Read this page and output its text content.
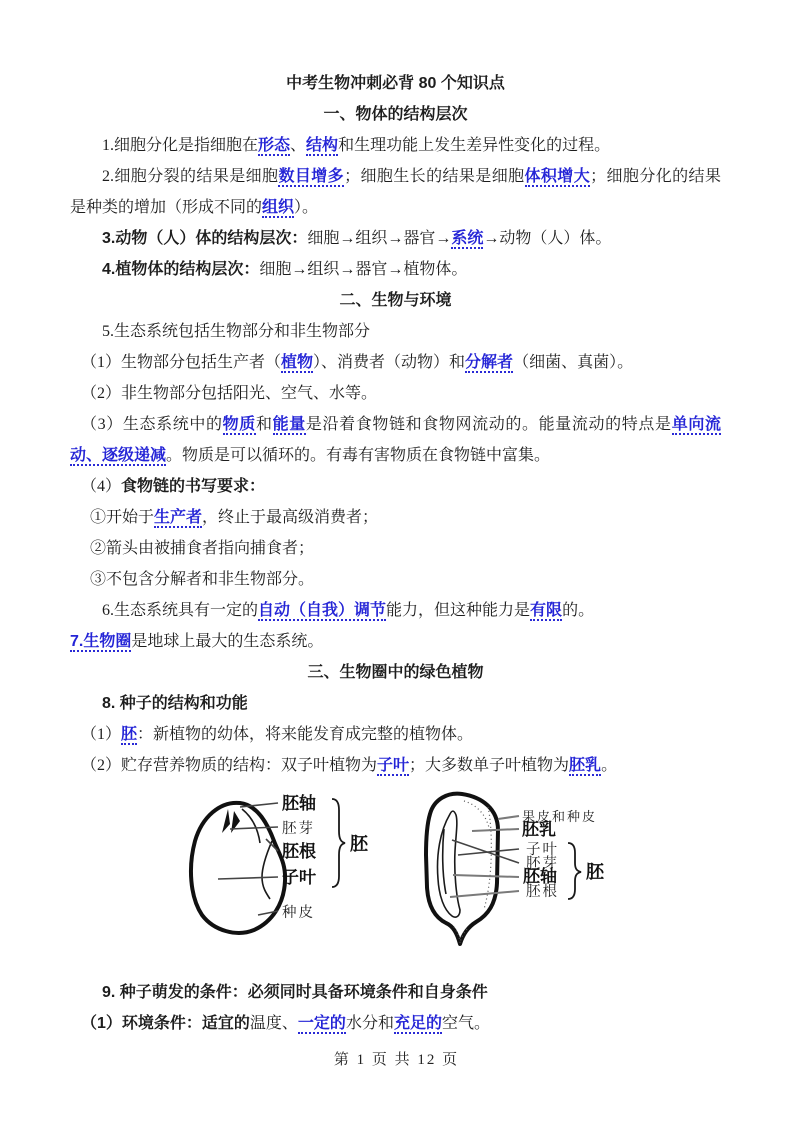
中考生物冲刺必背 80 个知识点

一、物体的结构层次

1.细胞分化是指细胞在形态、结构和生理功能上发生差异性变化的过程。

2.细胞分裂的结果是细胞数目增多；细胞生长的结果是细胞体积增大；细胞分化的结果是种类的增加（形成不同的组织）。

3.动物（人）体的结构层次：细胞→组织→器官→系统→动物（人）体。

4.植物体的结构层次：细胞→组织→器官→植物体。

二、生物与环境

5.生态系统包括生物部分和非生物部分

（1）生物部分包括生产者（植物）、消费者（动物）和分解者（细菌、真菌）。

（2）非生物部分包括阳光、空气、水等。

（3）生态系统中的物质和能量是沿着食物链和食物网流动的。能量流动的特点是单向流动、逐级递减。物质是可以循环的。有毒有害物质在食物链中富集。

（4）食物链的书写要求：

①开始于生产者，终止于最高级消费者；

②箭头由被捕食者指向捕食者；

③不包含分解者和非生物部分。

6.生态系统具有一定的自动（自我）调节能力，但这种能力是有限的。

7.生物圈是地球上最大的生态系统。

三、生物圈中的绿色植物

8. 种子的结构和功能

（1）胚：新植物的幼体，将来能发育成完整的植物体。

（2）贮存营养物质的结构：双子叶植物为子叶；大多数单子叶植物为胚乳。

胚轴
胚芽
胚根
子叶
种皮
胚
果皮和种皮
胚乳
子叶
胚芽
胚轴
胚根
胚

9. 种子萌发的条件：必须同时具备环境条件和自身条件

（1）环境条件：适宜的温度、一定的水分和充足的空气。

第 1 页 共 12 页
